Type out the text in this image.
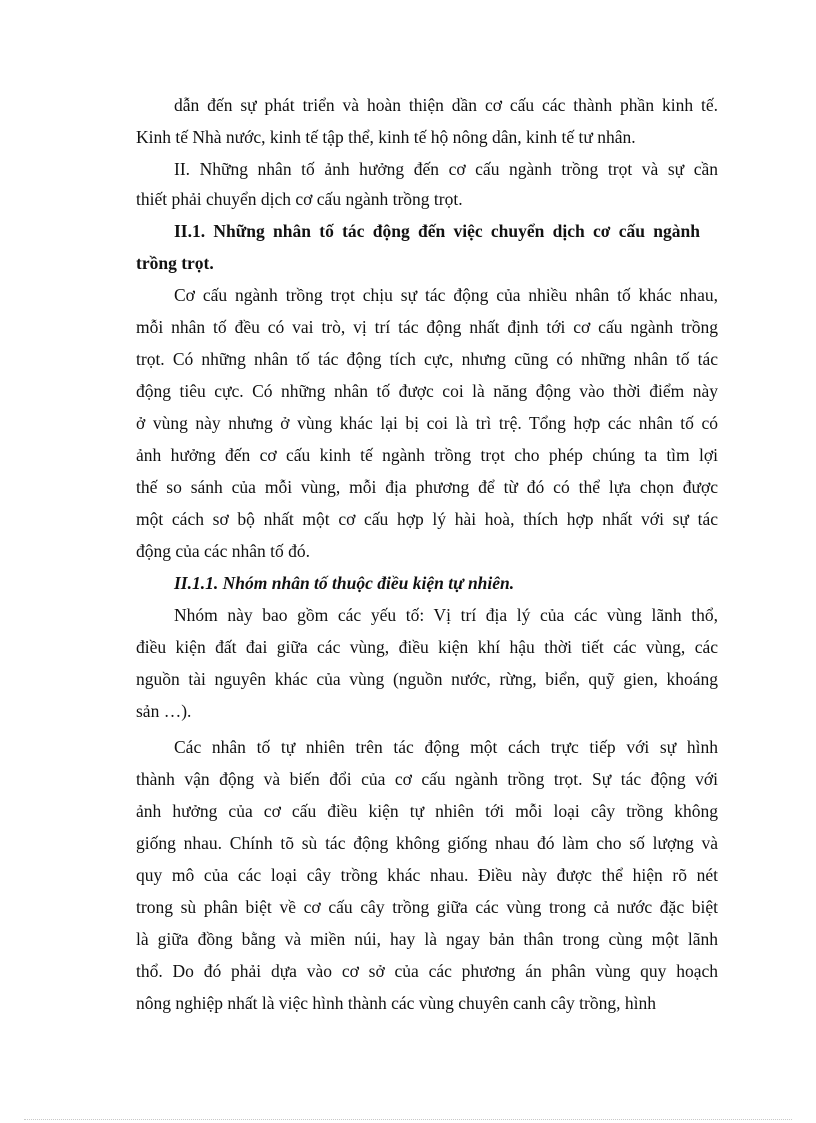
dẫn đến sự phát triển và hoàn thiện dần cơ cấu các thành phần kinh tế.
Kinh tế Nhà nước, kinh tế tập thể, kinh tế hộ nông dân, kinh tế tư nhân.
II. Những nhân tố ảnh hưởng đến cơ cấu ngành trồng trọt và sự cần
thiết phải chuyển dịch cơ cấu ngành trồng trọt.
II.1. Những nhân tố tác động đến việc chuyển dịch cơ cấu ngành
trồng trọt.
Cơ cấu ngành trồng trọt chịu sự tác động của nhiều nhân tố khác nhau,
mỗi nhân tố đều có vai trò, vị trí tác động nhất định tới cơ cấu ngành trồng
trọt. Có những nhân tố tác động tích cực, nhưng cũng có những nhân tố tác
động tiêu cực. Có những nhân tố được coi là năng động vào thời điểm này
ở vùng này nhưng ở vùng khác lại bị coi là trì trệ. Tổng hợp các nhân tố có
ảnh hưởng đến cơ cấu kinh tế ngành trồng trọt cho phép chúng ta tìm lợi
thế so sánh của mỗi vùng, mỗi địa phương để từ đó có thể lựa chọn được
một cách sơ bộ nhất một cơ cấu hợp lý hài hoà, thích hợp nhất với sự tác
động của các nhân tố đó.
II.1.1. Nhóm nhân tố thuộc điều kiện tự nhiên.
Nhóm này bao gồm các yếu tố: Vị trí địa lý của các vùng lãnh thổ,
điều kiện đất đai giữa các vùng, điều kiện khí hậu thời tiết các vùng, các
nguồn tài nguyên khác của vùng (nguồn nước, rừng, biển, quỹ gien, khoáng
sản …).
Các nhân tố tự nhiên trên tác động một cách trực tiếp với sự hình
thành vận động và biến đổi của cơ cấu ngành trồng trọt. Sự tác động với
ảnh hưởng của cơ cấu điều kiện tự nhiên tới mỗi loại cây trồng không
giống nhau. Chính tõ sù tác động không giống nhau đó làm cho số lượng và
quy mô của các loại cây trồng khác nhau. Điều này được thể hiện rõ nét
trong sù phân biệt về cơ cấu cây trồng giữa các vùng trong cả nước đặc biệt
là giữa đồng bằng và miền núi, hay là ngay bản thân trong cùng một lãnh
thổ. Do đó phải dựa vào cơ sở của các phương án phân vùng quy hoạch
nông nghiệp nhất là việc hình thành các vùng chuyên canh cây trồng, hình
